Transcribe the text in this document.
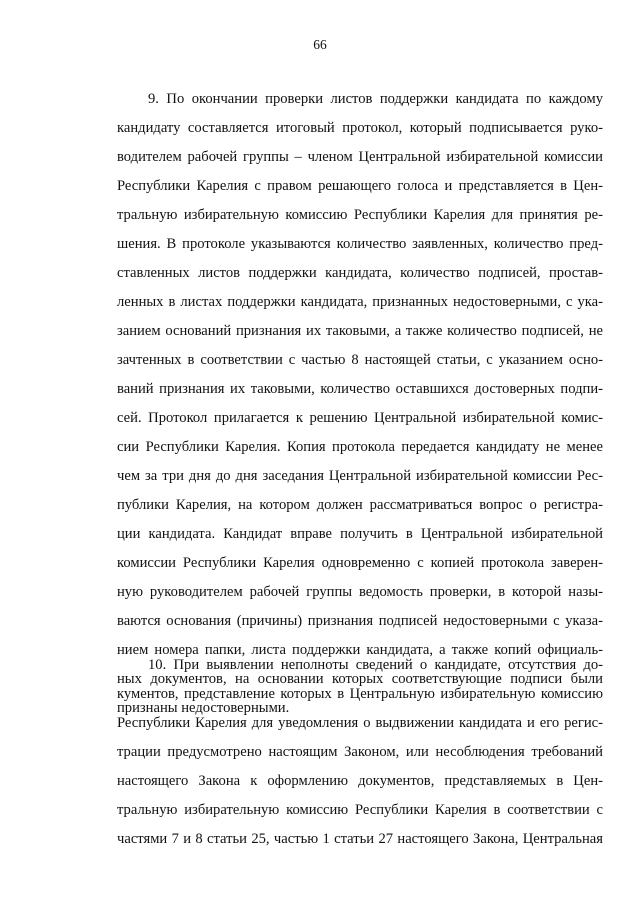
66
9. По окончании проверки листов поддержки кандидата по каждому
кандидату составляется итоговый протокол, который подписывается руко-
водителем рабочей группы – членом Центральной избирательной комиссии
Республики Карелия с правом решающего голоса и представляется в Цен-
тральную избирательную комиссию Республики Карелия для принятия ре-
шения. В протоколе указываются количество заявленных, количество пред-
ставленных листов поддержки кандидата, количество подписей, простав-
ленных в листах поддержки кандидата, признанных недостоверными, с ука-
занием оснований признания их таковыми, а также количество подписей, не
зачтенных в соответствии с частью 8 настоящей статьи, с указанием осно-
ваний признания их таковыми, количество оставшихся достоверных подпи-
сей. Протокол прилагается к решению Центральной избирательной комис-
сии Республики Карелия. Копия протокола передается кандидату не менее
чем за три дня до дня заседания Центральной избирательной комиссии Рес-
публики Карелия, на котором должен рассматриваться вопрос о регистра-
ции кандидата. Кандидат вправе получить в Центральной избирательной
комиссии Республики Карелия одновременно с копией протокола заверен-
ную руководителем рабочей группы ведомость проверки, в которой назы-
ваются основания (причины) признания подписей недостоверными с указа-
нием номера папки, листа поддержки кандидата, а также копий официаль-
ных документов, на основании которых соответствующие подписи были
признаны недостоверными.
10. При выявлении неполноты сведений о кандидате, отсутствия до-
кументов, представление которых в Центральную избирательную комиссию
Республики Карелия для уведомления о выдвижении кандидата и его регис-
трации предусмотрено настоящим Законом, или несоблюдения требований
настоящего Закона к оформлению документов, представляемых в Цен-
тральную избирательную комиссию Республики Карелия в соответствии с
частями 7 и 8 статьи 25, частью 1 статьи 27 настоящего Закона, Центральная
